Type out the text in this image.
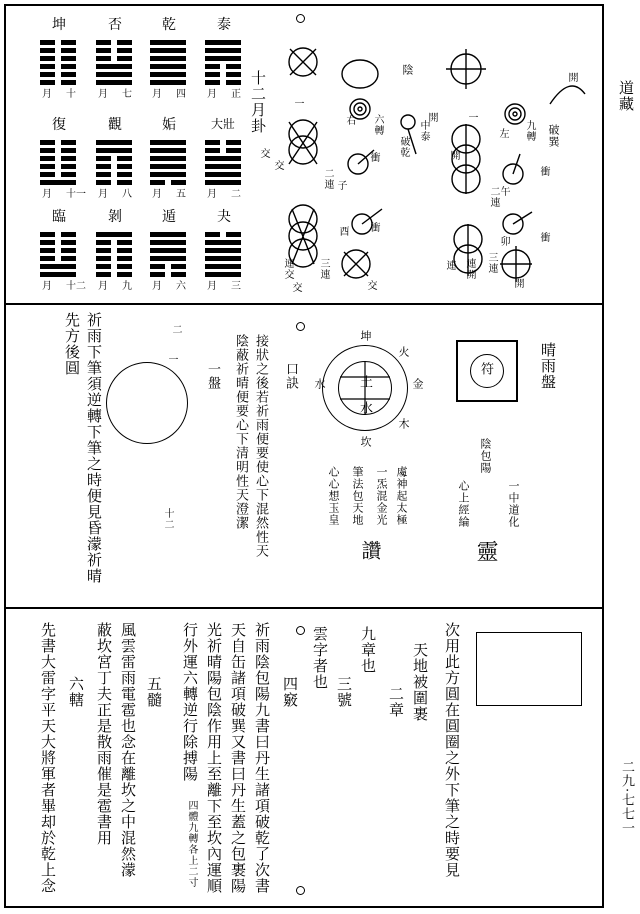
道藏
二九·七七一
十二月卦
泰
月 正
乾
月 四
否
月 七
坤
月 十
大壯
月 二
姤
月 五
觀
月 八
復
月 十一
夬
月 三
遁
月 六
剝
月 九
臨
月 十二
陰
中泰
破乾
六轉
右
子
酉
衝
衝
交
交
交	交
一
二連
三連
連交
開
開
開
開
連
破巽
左 九轉
午
卯
衝
衝
一
二連
三連
連開
晴雨盤
符
一中道化
心上經綸
陰包陽
靈
土
水
火
金
木
水
坎
坤
䖏神起太極
一炁混金光
筆法包天地
心心想玉皇
讚
口訣
接狀之後若祈雨便要使心下混然性天
陰蔽祈晴便要心下清明性天澄潔
一盤
二
一
十二
祈雨下筆須逆轉下筆之時便見昏濛祈晴
先方後圓
次用此方圓在圓圈之外下筆之時要見
天地被圍裹
二章
九章也
三號
雲字者也
四竅
祈雨陰包陽九書曰丹生諸項破乾了次書
天自缶諸項破巽又書曰丹生蓋之包裹陽
光祈晴陽包陰作用上至離下至坎內運順
行外運六轉逆行除搏陽
四體九轉各上二寸
五髓
風雲雷雨電雹也念在離坎之中混然濛
蔽坎宮丁夫正是散雨催是雹書用
六轄
先書大雷字平天大將軍者畢却於乾上念
